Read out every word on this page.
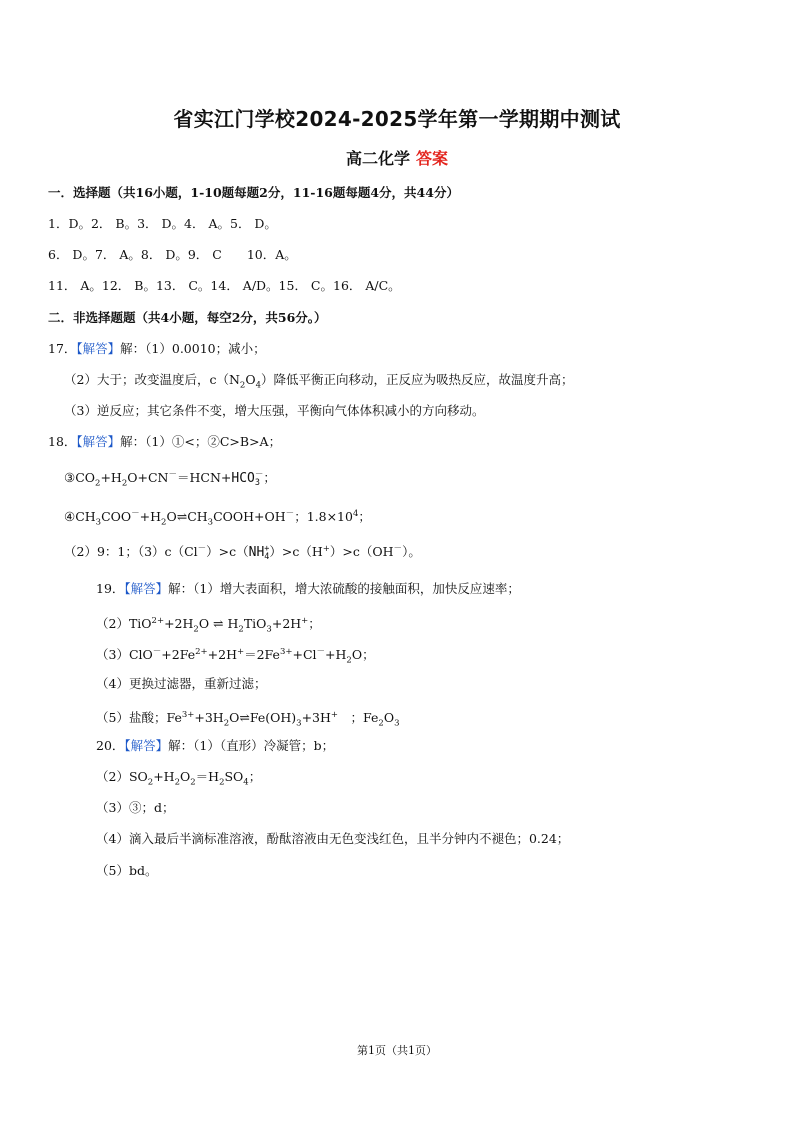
省实江门学校2024-2025学年第一学期期中测试
高二化学 答案
一．选择题（共16小题，1-10题每题2分，11-16题每题4分，共44分）
1．D。2． B。3． D。4． A。5． D。
6． D。7． A。8． D。9． C　　10．A。
11． A。12． B。13． C。14． A/D。15． C。16． A/C。
二．非选择题题（共4小题，每空2分，共56分。）
17．【解答】解：（1）0.0010；减小；
（2）大于；改变温度后，$c(N_2O_4)$降低平衡正向移动，正反应为吸热反应，故温度升高；
（3）逆反应；其它条件不变，增大压强，平衡向气体体积减小的方向移动。
18．【解答】解：（1）①<；②C>B>A；
$③CO_2+H_2O+CN^-=HCN+HCO$ －
3 ；
$④CH_3COO^-+H_2O\rightleftharpoons CH_3COOH+OH^-$；$1.8\times 10^4$；
（2）9：1；（3）c（Cl－）>c（NH +
4 ）>c（H+）>c（OH－）。
19．【解答】解：（1）增大表面积，增大浓硫酸的接触面积，加快反应速率；
$(2)TiO^{2+}+2H_2O$ ⇌ $H_2TiO_3+2H^+$；
$(3)ClO^-+2Fe^{2+}+2H^+=2Fe^{3+}+Cl^-+H_2O$；
（4）更换过滤器，重新过滤；
（5）盐酸；$Fe^{3+}+3H_2O\rightleftharpoons Fe(OH)_3+3H^+$　；$Fe_2O_3$
20．【解答】解：（1）（直形）冷凝管；b；
$(2)SO_2+H_2O_2=H_2SO_4$；
（3）③；d；
（4）滴入最后半滴标准溶液，酚酞溶液由无色变浅红色，且半分钟内不褪色；0.24；
（5）bd。
第1页（共1页）
